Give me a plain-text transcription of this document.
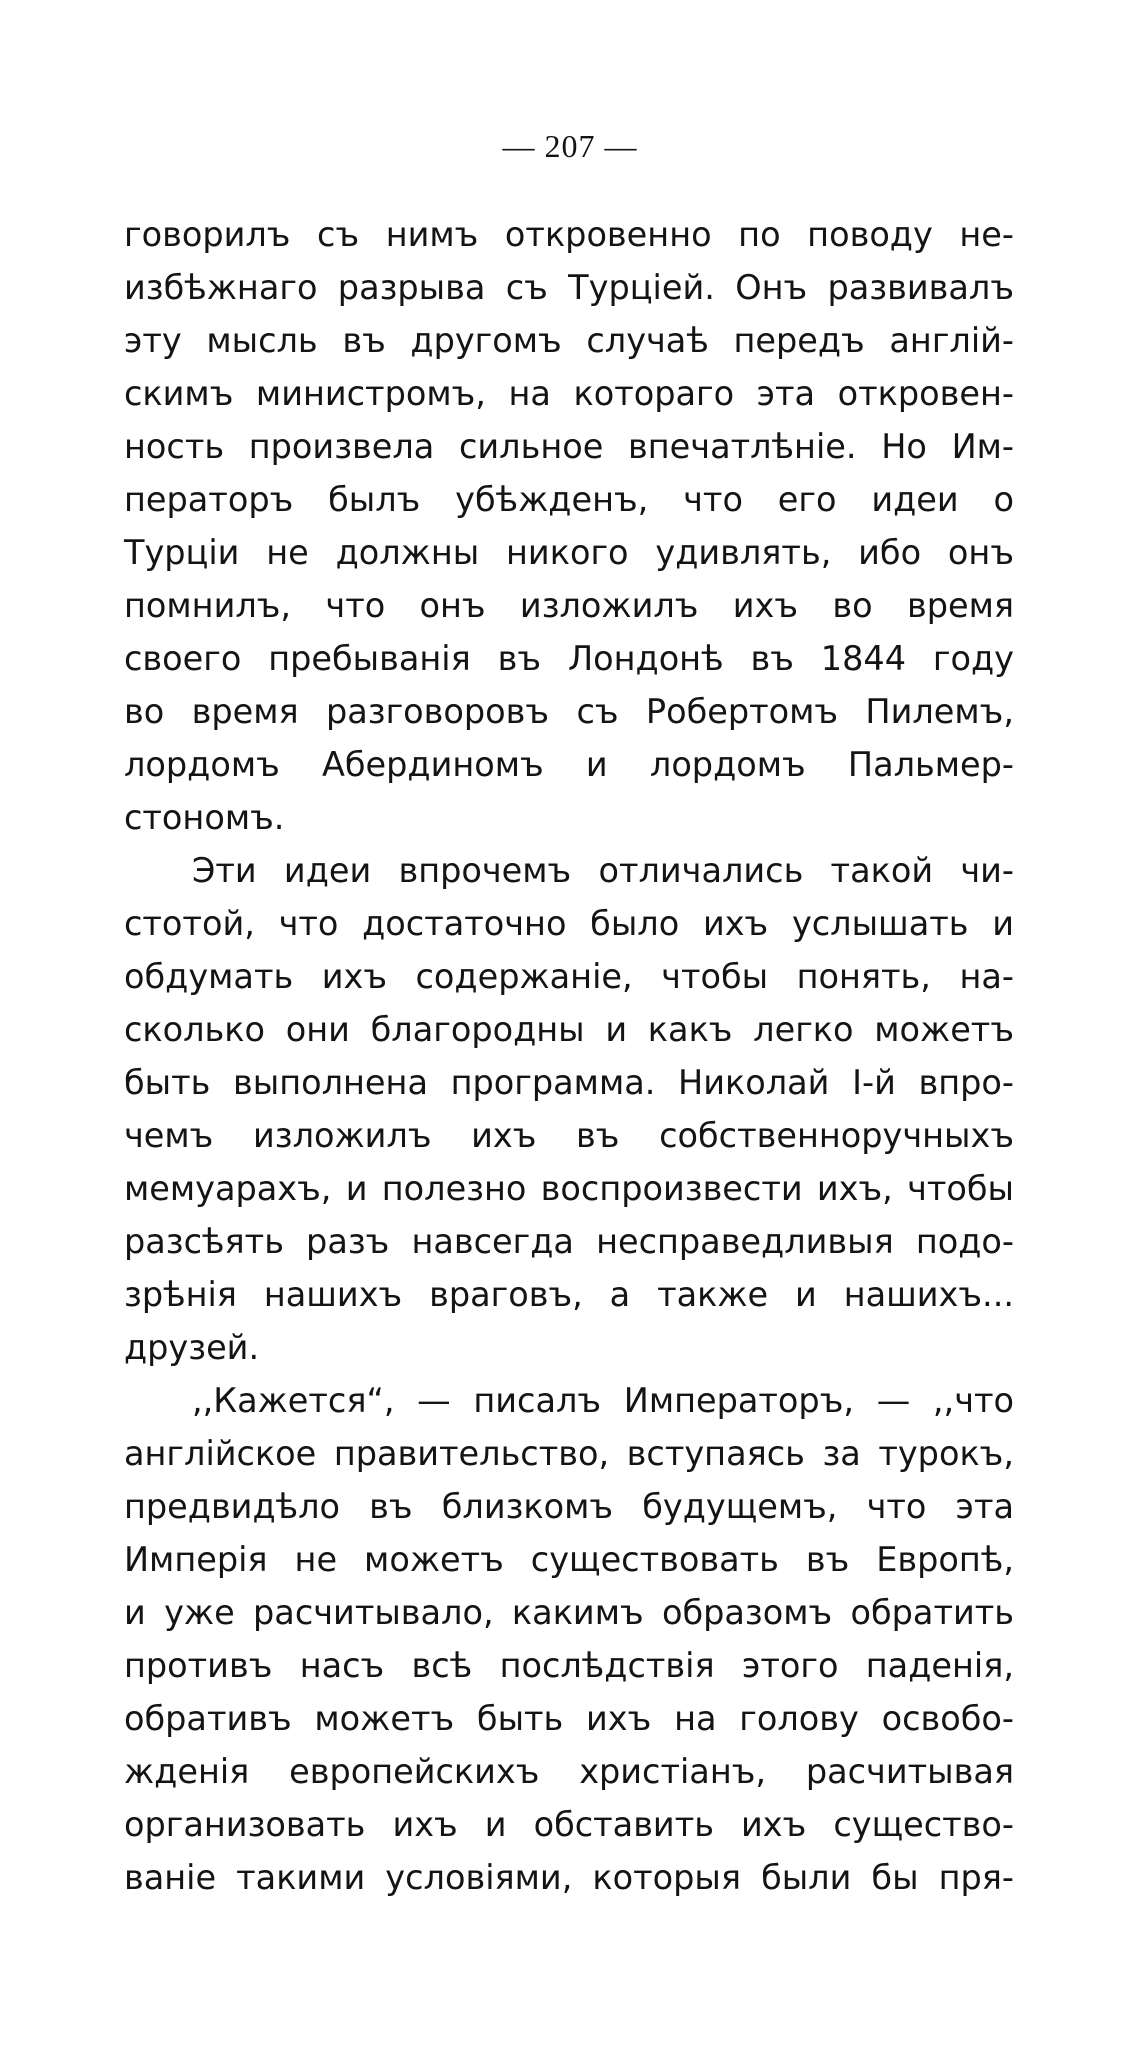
— 207 —
говорилъ съ нимъ откровенно по поводу не-
избѣжнаго разрыва съ Турціей. Онъ развивалъ
эту мысль въ другомъ случаѣ передъ англій-
скимъ министромъ, на котораго эта откровен-
ность произвела сильное впечатлѣніе. Но Им-
ператоръ былъ убѣжденъ, что его идеи о
Турціи не должны никого удивлять, ибо онъ
помнилъ, что онъ изложилъ ихъ во время
своего пребыванія въ Лондонѣ въ 1844 году
во время разговоровъ съ Робертомъ Пилемъ,
лордомъ Абердиномъ и лордомъ Пальмер-
стономъ.
Эти идеи впрочемъ отличались такой чи-
стотой, что достаточно было ихъ услышать и
обдумать ихъ содержаніе, чтобы понять, на-
сколько они благородны и какъ легко можетъ
быть выполнена программа. Николай I-й впро-
чемъ изложилъ ихъ въ собственноручныхъ
мемуарахъ, и полезно воспроизвести ихъ, чтобы
разсѣять разъ навсегда несправедливыя подо-
зрѣнія нашихъ враговъ, а также и нашихъ...
друзей.
,,Кажется“, — писалъ Императоръ, — ,,что
англійское правительство, вступаясь за турокъ,
предвидѣло въ близкомъ будущемъ, что эта
Имперія не можетъ существовать въ Европѣ,
и уже расчитывало, какимъ образомъ обратить
противъ насъ всѣ послѣдствія этого паденія,
обративъ можетъ быть ихъ на голову освобо-
жденія европейскихъ христіанъ, расчитывая
организовать ихъ и обставить ихъ существо-
ваніе такими условіями, которыя были бы пря-
